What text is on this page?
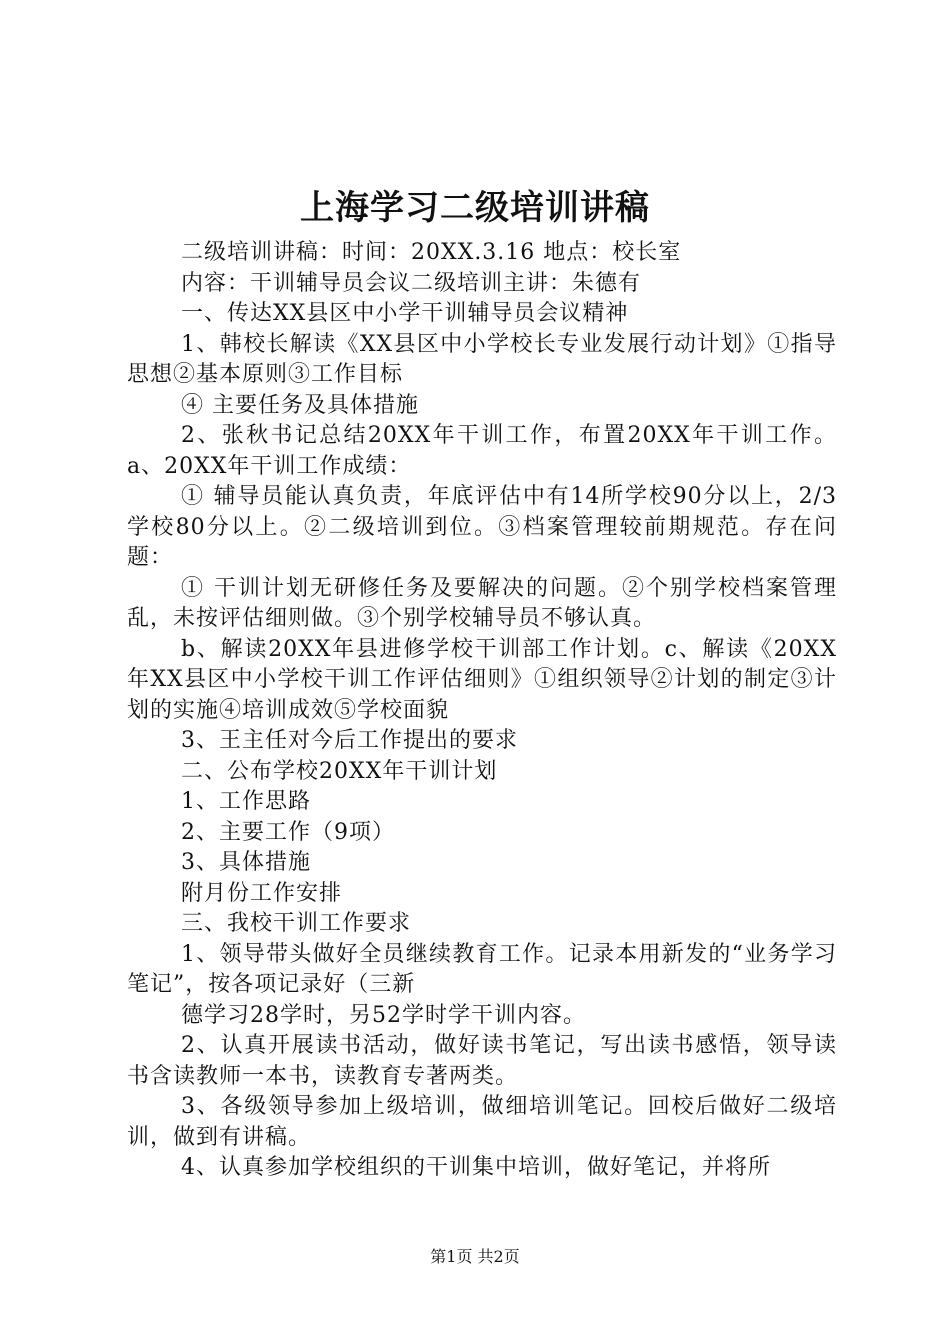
上海学习二级培训讲稿

二级培训讲稿：时间：20XX.3.16 地点：校长室

内容：干训辅导员会议二级培训主讲：朱德有

一、传达XX县区中小学干训辅导员会议精神

1、韩校长解读《XX县区中小学校长专业发展行动计划》①指导思想②基本原则③工作目标

④ 主要任务及具体措施

2、张秋书记总结20XX年干训工作，布置20XX年干训工作。a、20XX年干训工作成绩：

① 辅导员能认真负责，年底评估中有14所学校90分以上，2/3学校80分以上。②二级培训到位。③档案管理较前期规范。存在问题：

① 干训计划无研修任务及要解决的问题。②个别学校档案管理乱，未按评估细则做。③个别学校辅导员不够认真。

b、解读20XX年县进修学校干训部工作计划。c、解读《20XX年XX县区中小学校干训工作评估细则》①组织领导②计划的制定③计划的实施④培训成效⑤学校面貌

3、王主任对今后工作提出的要求

二、公布学校20XX年干训计划

1、工作思路

2、主要工作（9项）

3、具体措施

附月份工作安排

三、我校干训工作要求

1、领导带头做好全员继续教育工作。记录本用新发的“业务学习笔记”，按各项记录好（三新

德学习28学时，另52学时学干训内容。

2、认真开展读书活动，做好读书笔记，写出读书感悟，领导读书含读教师一本书，读教育专著两类。

3、各级领导参加上级培训，做细培训笔记。回校后做好二级培训，做到有讲稿。

4、认真参加学校组织的干训集中培训，做好笔记，并将所

第1页 共2页
